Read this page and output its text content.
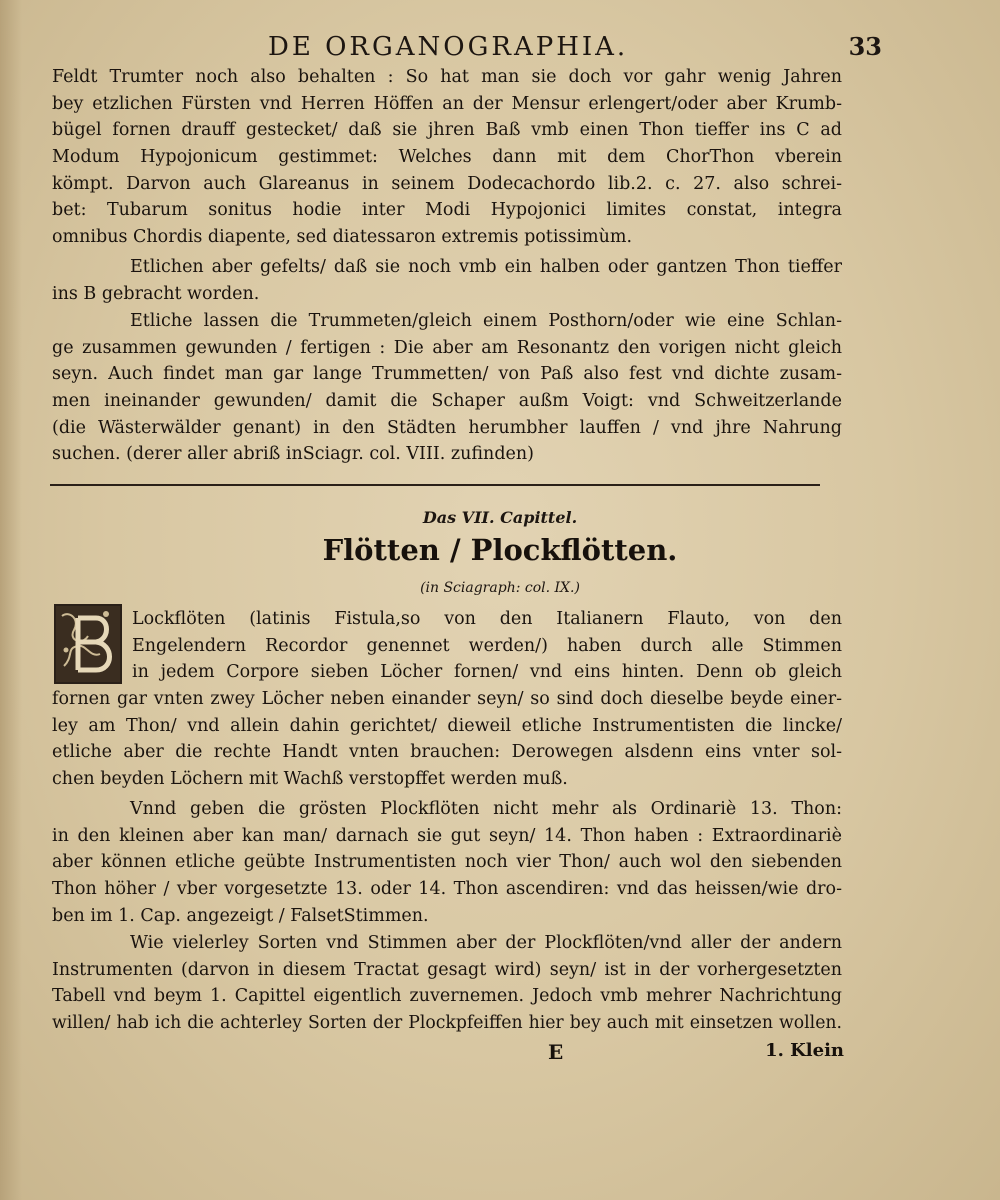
DE ORGANOGRAPHIA.	33
Feldt Trumter noch also behalten : So hat man sie doch vor gahr wenig Jahren
bey etzlichen Fürsten vnd Herren Höffen an der Mensur erlengert/oder aber Krumb-
bügel fornen drauff gestecket/ daß sie jhren Baß vmb einen Thon tieffer ins C ad
Modum Hypojonicum gestimmet: Welches dann mit dem ChorThon vberein
kömpt. Darvon auch Glareanus in seinem Dodecachordo lib.2. c. 27. also schrei-
bet: Tubarum sonitus hodie inter Modi Hypojonici limites constat, integra
omnibus Chordis diapente, sed diatessaron extremis potissimùm.
Etlichen aber gefelts/ daß sie noch vmb ein halben oder gantzen Thon tieffer
ins B gebracht worden.
Etliche lassen die Trummeten/gleich einem Posthorn/oder wie eine Schlan-
ge zusammen gewunden / fertigen : Die aber am Resonantz den vorigen nicht gleich
seyn. Auch findet man gar lange Trummetten/ von Paß also fest vnd dichte zusam-
men ineinander gewunden/ damit die Schaper außm Voigt: vnd Schweitzerlande
(die Wästerwälder genant) in den Städten herumbher lauffen / vnd jhre Nahrung
suchen. (derer aller abriß inSciagr. col. VIII. zufinden)
Das VII. Capittel.
Flötten / Plockflötten.
(in Sciagraph: col. IX.)
Lockflöten (latinis Fistula,so von den Italianern Flauto, von den
Engelendern Recordor genennet werden/) haben durch alle Stimmen
in jedem Corpore sieben Löcher fornen/ vnd eins hinten. Denn ob gleich
fornen gar vnten zwey Löcher neben einander seyn/ so sind doch dieselbe beyde einer-
ley am Thon/ vnd allein dahin gerichtet/ dieweil etliche Instrumentisten die lincke/
etliche aber die rechte Handt vnten brauchen: Derowegen alsdenn eins vnter sol-
chen beyden Löchern mit Wachß verstopffet werden muß.
Vnnd geben die grösten Plockflöten nicht mehr als Ordinariè 13. Thon:
in den kleinen aber kan man/ darnach sie gut seyn/ 14. Thon haben : Extraordinariè
aber können etliche geübte Instrumentisten noch vier Thon/ auch wol den siebenden
Thon höher / vber vorgesetzte 13. oder 14. Thon ascendiren: vnd das heissen/wie dro-
ben im 1. Cap. angezeigt / FalsetStimmen.
Wie vielerley Sorten vnd Stimmen aber der Plockflöten/vnd aller der andern
Instrumenten (darvon in diesem Tractat gesagt wird) seyn/ ist in der vorhergesetzten
Tabell vnd beym 1. Capittel eigentlich zuvernemen. Jedoch vmb mehrer Nachrichtung
willen/ hab ich die achterley Sorten der Plockpfeiffen hier bey auch mit einsetzen wollen.
E	1. Klein
